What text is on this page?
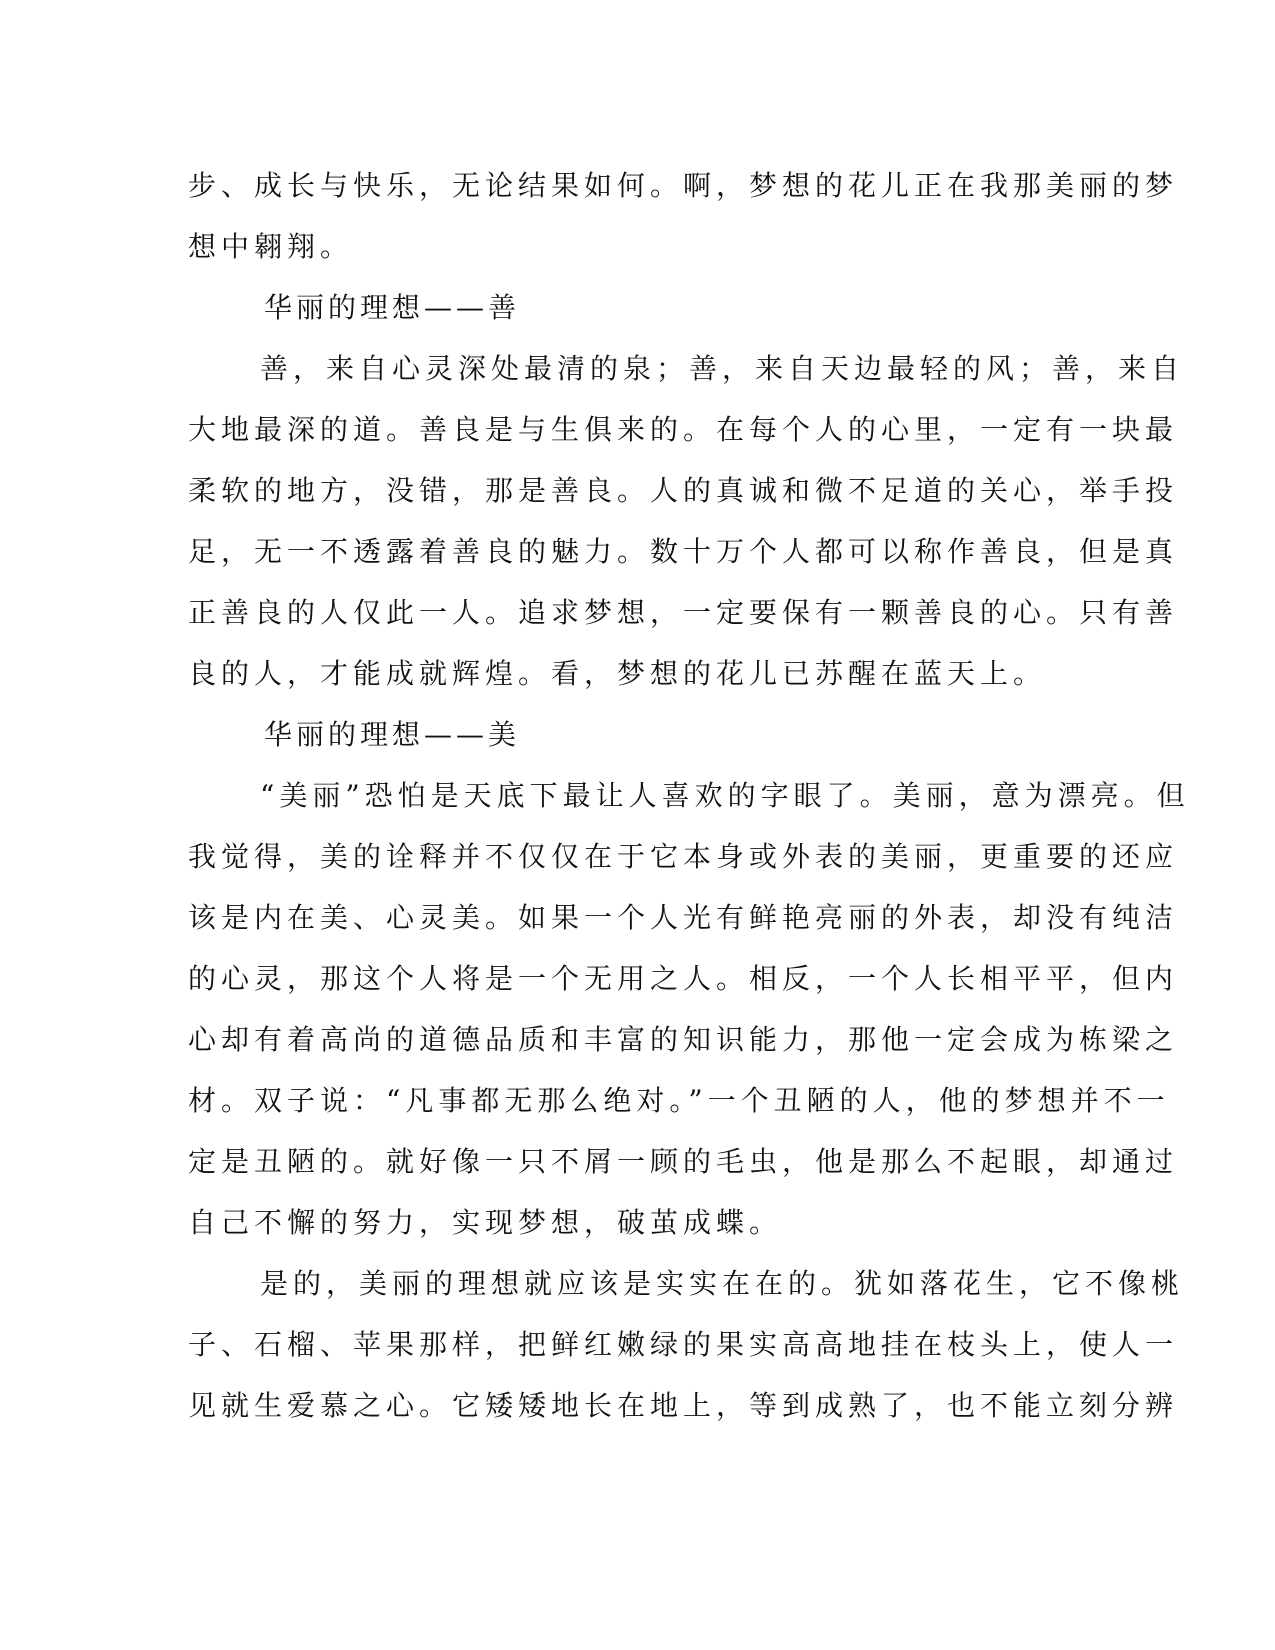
步、成长与快乐，无论结果如何。啊，梦想的花儿正在我那美丽的梦
想中翱翔。
华丽的理想——善
善，来自心灵深处最清的泉；善，来自天边最轻的风；善，来自
大地最深的道。善良是与生俱来的。在每个人的心里，一定有一块最
柔软的地方，没错，那是善良。人的真诚和微不足道的关心，举手投
足，无一不透露着善良的魅力。数十万个人都可以称作善良，但是真
正善良的人仅此一人。追求梦想，一定要保有一颗善良的心。只有善
良的人，才能成就辉煌。看，梦想的花儿已苏醒在蓝天上。
华丽的理想——美
“美丽”恐怕是天底下最让人喜欢的字眼了。美丽，意为漂亮。但
我觉得，美的诠释并不仅仅在于它本身或外表的美丽，更重要的还应
该是内在美、心灵美。如果一个人光有鲜艳亮丽的外表，却没有纯洁
的心灵，那这个人将是一个无用之人。相反，一个人长相平平，但内
心却有着高尚的道德品质和丰富的知识能力，那他一定会成为栋梁之
材。双子说：“凡事都无那么绝对。”一个丑陋的人，他的梦想并不一
定是丑陋的。就好像一只不屑一顾的毛虫，他是那么不起眼，却通过
自己不懈的努力，实现梦想，破茧成蝶。
是的，美丽的理想就应该是实实在在的。犹如落花生，它不像桃
子、石榴、苹果那样，把鲜红嫩绿的果实高高地挂在枝头上，使人一
见就生爱慕之心。它矮矮地长在地上，等到成熟了，也不能立刻分辨
